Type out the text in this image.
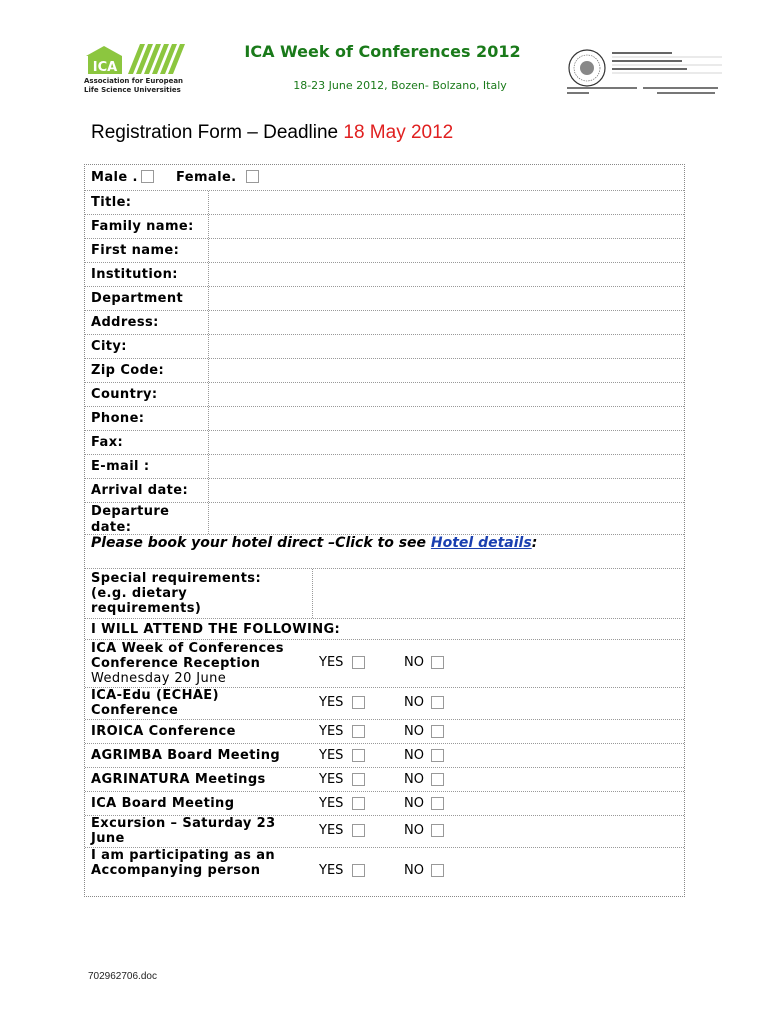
ICA
Association for European
Life Science Universities
ICA Week of Conferences 2012
18-23 June 2012, Bozen- Bolzano, Italy
Registration Form – Deadline 18 May 2012
Male .	Female.
Title:
Family name:
First name:
Institution:
Department
Address:
City:
Zip Code:
Country:
Phone:
Fax:
E-mail :
Arrival date:
Departure
date:
Please book your hotel direct –Click to see Hotel details:
Special requirements:
(e.g. dietary
requirements)
I WILL ATTEND THE FOLLOWING:
ICA Week of Conferences
Conference Reception
Wednesday 20 June
YES	NO
ICA-Edu (ECHAE)
Conference
YES	NO
IROICA Conference	YES	NO
AGRIMBA Board Meeting	YES	NO
AGRINATURA Meetings	YES	NO
ICA Board Meeting	YES	NO
Excursion – Saturday 23
June
YES	NO
I am participating as an
Accompanying person	YES	NO
702962706.doc
